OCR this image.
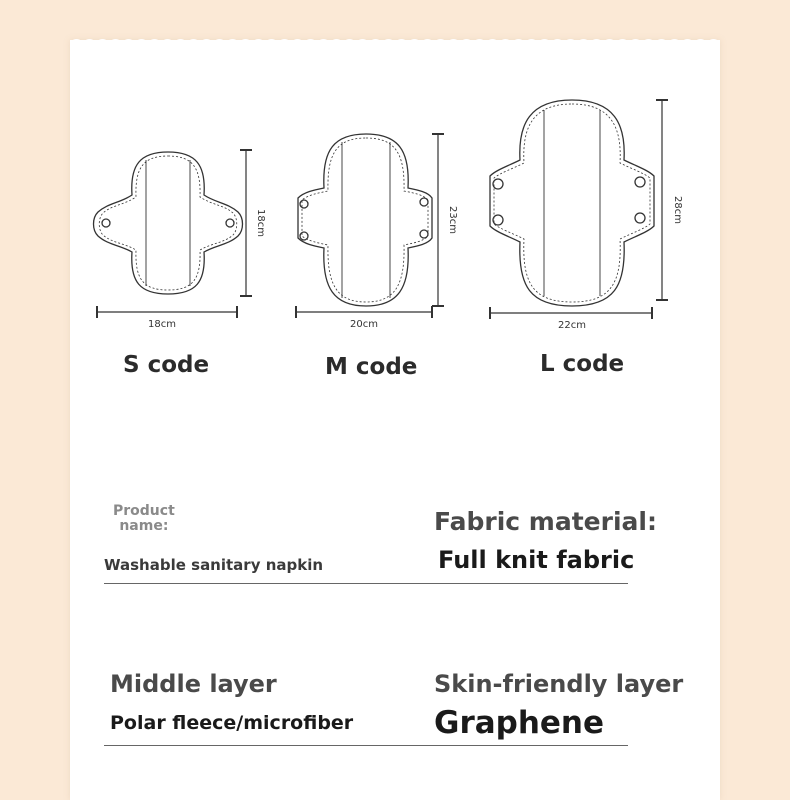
18cm
18cm
20cm
23cm
22cm
28cm
S code	M code	L code
Product
name:
Washable sanitary napkin
Fabric material:
Full knit fabric
Middle layer
Polar fleece/microfiber
Skin-friendly layer
Graphene
